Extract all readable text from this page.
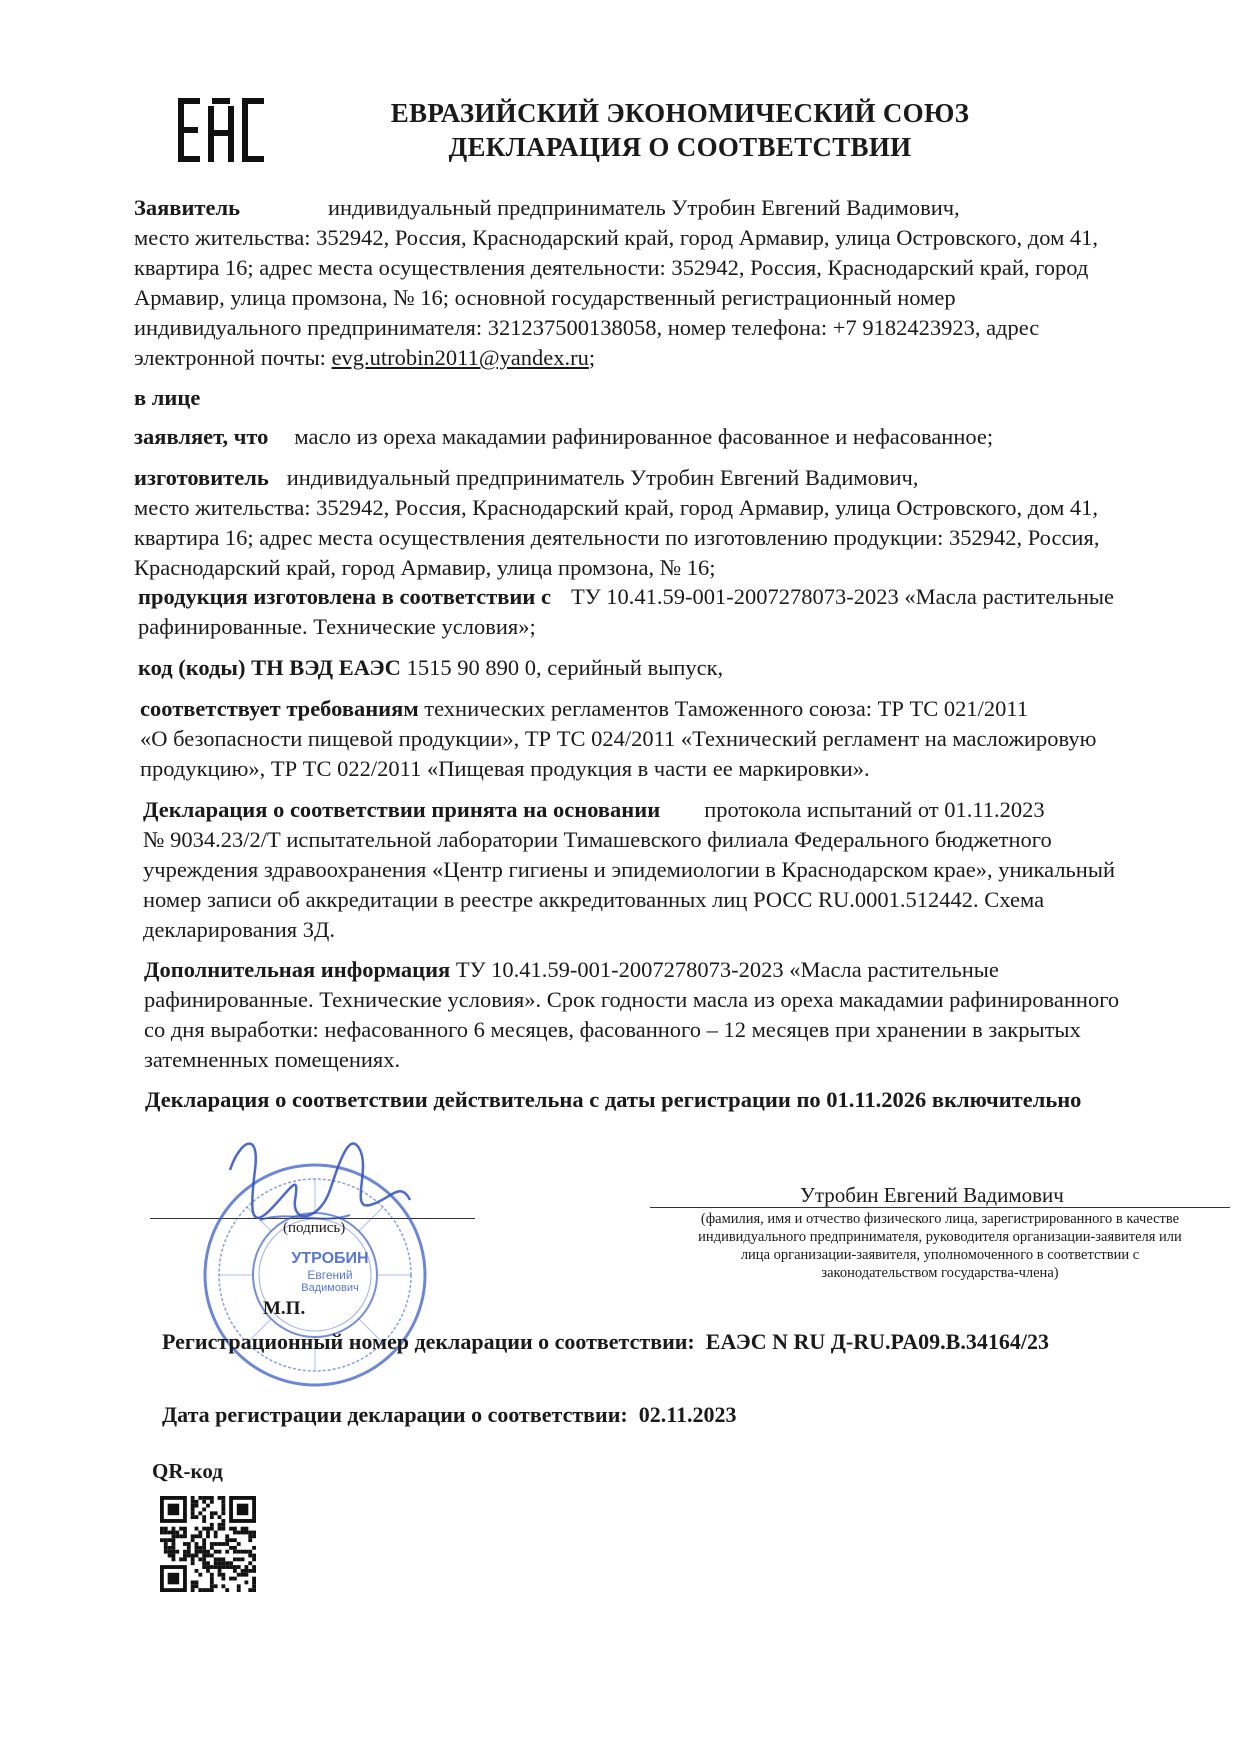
ЕВРАЗИЙСКИЙ ЭКОНОМИЧЕСКИЙ СОЮЗ
ДЕКЛАРАЦИЯ О СООТВЕТСТВИИ
Заявитель	индивидуальный предприниматель Утробин Евгений Вадимович,
место жительства: 352942, Россия, Краснодарский край, город Армавир, улица Островского, дом 41,
квартира 16; адрес места осуществления деятельности: 352942, Россия, Краснодарский край, город
Армавир, улица промзона, № 16; основной государственный регистрационный номер
индивидуального предпринимателя: 321237500138058, номер телефона: +7 9182423923, адрес
электронной почты: evg.utrobin2011@yandex.ru;
в лице
заявляет, что масло из ореха макадамии рафинированное фасованное и нефасованное;
изготовитель индивидуальный предприниматель Утробин Евгений Вадимович,
место жительства: 352942, Россия, Краснодарский край, город Армавир, улица Островского, дом 41,
квартира 16; адрес места осуществления деятельности по изготовлению продукции: 352942, Россия,
Краснодарский край, город Армавир, улица промзона, № 16;
продукция изготовлена в соответствии с ТУ 10.41.59-001-2007278073-2023 «Масла растительные
рафинированные. Технические условия»;
код (коды) ТН ВЭД ЕАЭС 1515 90 890 0, серийный выпуск,
соответствует требованиям технических регламентов Таможенного союза: ТР ТС 021/2011
«О безопасности пищевой продукции», ТР ТС 024/2011 «Технический регламент на масложировую
продукцию», ТР ТС 022/2011 «Пищевая продукция в части ее маркировки».
Декларация о соответствии принята на основании протокола испытаний от 01.11.2023
№ 9034.23/2/Т испытательной лаборатории Тимашевского филиала Федерального бюджетного
учреждения здравоохранения «Центр гигиены и эпидемиологии в Краснодарском крае», уникальный
номер записи об аккредитации в реестре аккредитованных лиц РОСС RU.0001.512442. Схема
декларирования 3Д.
Дополнительная информация ТУ 10.41.59-001-2007278073-2023 «Масла растительные
рафинированные. Технические условия». Срок годности масла из ореха макадамии рафинированного
со дня выработки: нефасованного 6 месяцев, фасованного – 12 месяцев при хранении в закрытых
затемненных помещениях.
Декларация о соответствии действительна с даты регистрации по 01.11.2026 включительно
(подпись)
Утробин Евгений Вадимович
(фамилия, имя и отчество физического лица, зарегистрированного в качестве
индивидуального предпринимателя, руководителя организации-заявителя или
лица организации-заявителя, уполномоченного в соответствии с
законодательством государства-члена)
УТРОБИН
Евгений
Вадимович
М.П.
Регистрационный номер декларации о соответствии: ЕАЭС N RU Д-RU.PA09.B.34164/23
Дата регистрации декларации о соответствии: 02.11.2023
QR-код
